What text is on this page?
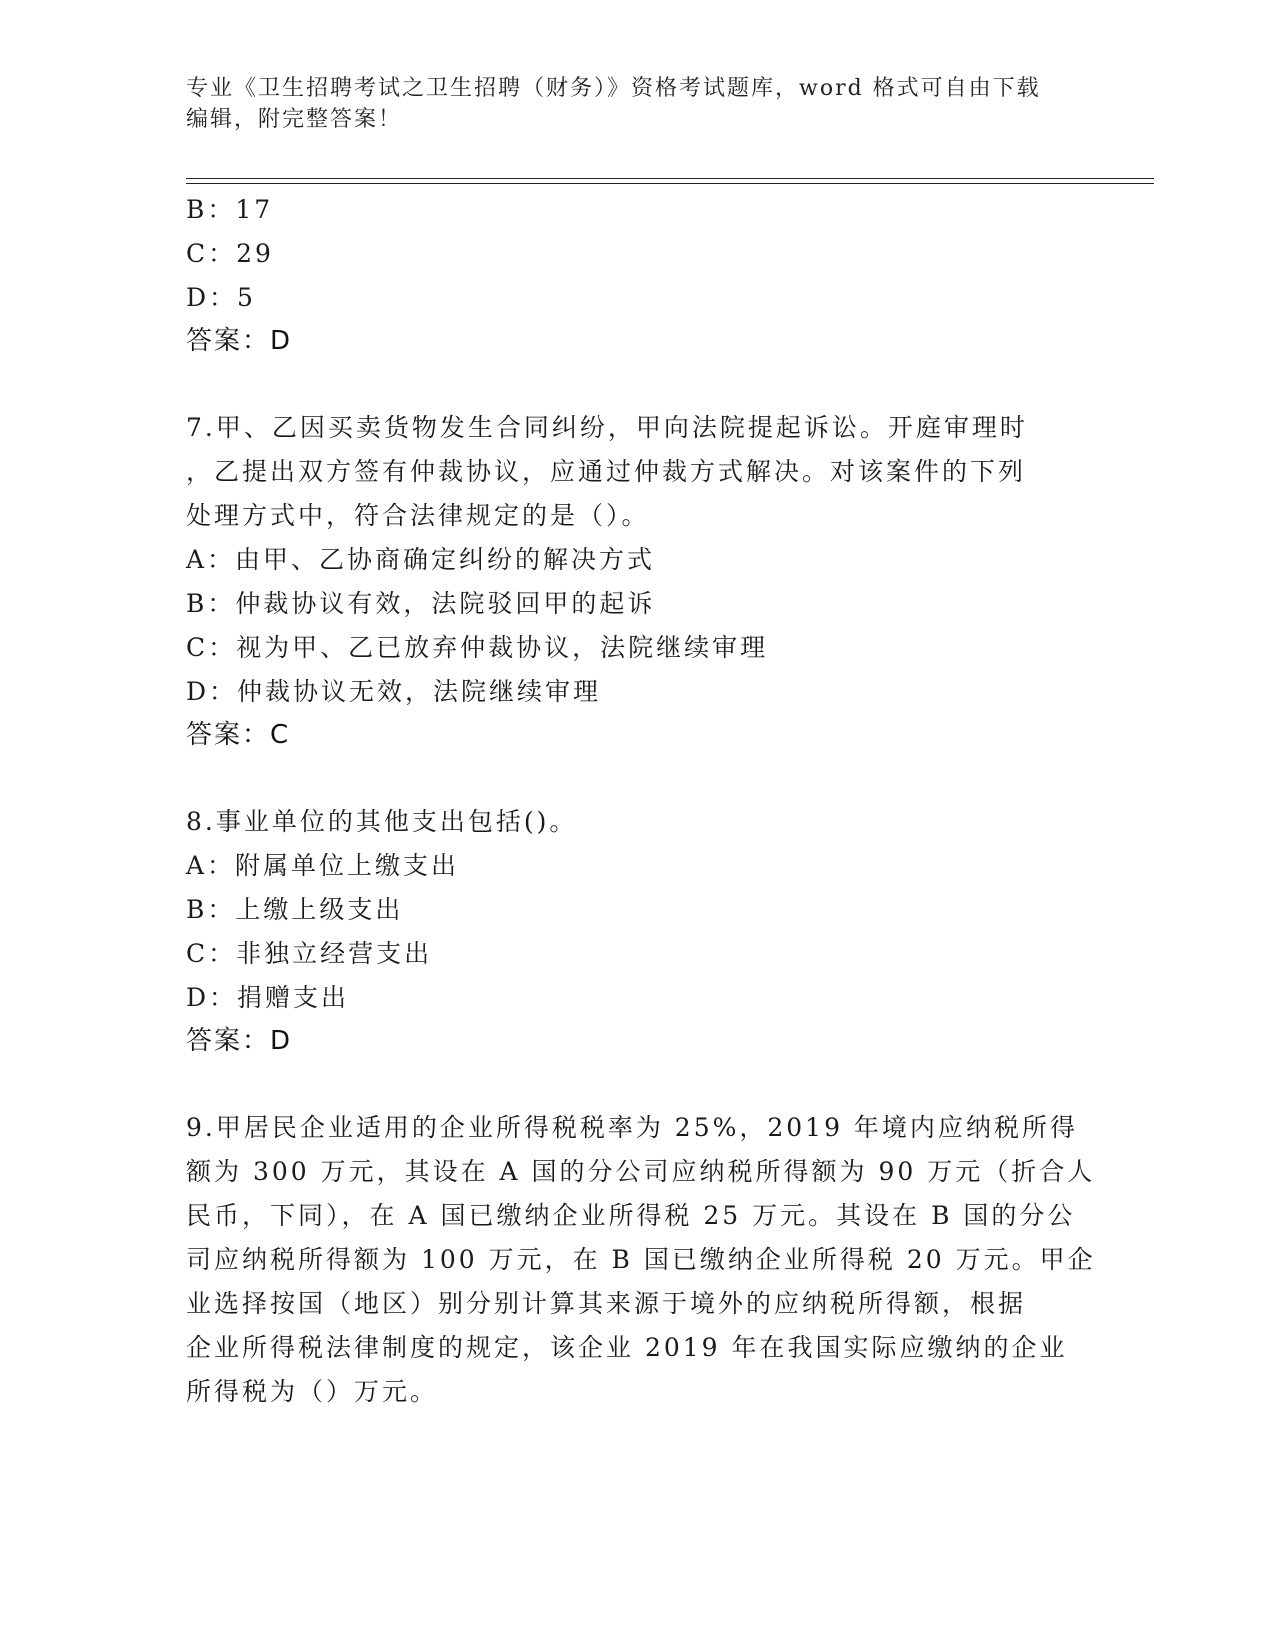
专业《卫生招聘考试之卫生招聘（财务）》资格考试题库，word 格式可自由下载
编辑，附完整答案！
B：17
C：29
D：5
答案：D
7.甲、乙因买卖货物发生合同纠纷，甲向法院提起诉讼。开庭审理时
，乙提出双方签有仲裁协议，应通过仲裁方式解决。对该案件的下列
处理方式中，符合法律规定的是（）。
A：由甲、乙协商确定纠纷的解决方式
B：仲裁协议有效，法院驳回甲的起诉
C：视为甲、乙已放弃仲裁协议，法院继续审理
D：仲裁协议无效，法院继续审理
答案：C
8.事业单位的其他支出包括()。
A：附属单位上缴支出
B：上缴上级支出
C：非独立经营支出
D：捐赠支出
答案：D
9.甲居民企业适用的企业所得税税率为 25%，2019 年境内应纳税所得
额为 300 万元，其设在 A 国的分公司应纳税所得额为 90 万元（折合人
民币，下同），在 A 国已缴纳企业所得税 25 万元。其设在 B 国的分公
司应纳税所得额为 100 万元，在 B 国已缴纳企业所得税 20 万元。甲企
业选择按国（地区）别分别计算其来源于境外的应纳税所得额，根据
企业所得税法律制度的规定，该企业 2019 年在我国实际应缴纳的企业
所得税为（）万元。
